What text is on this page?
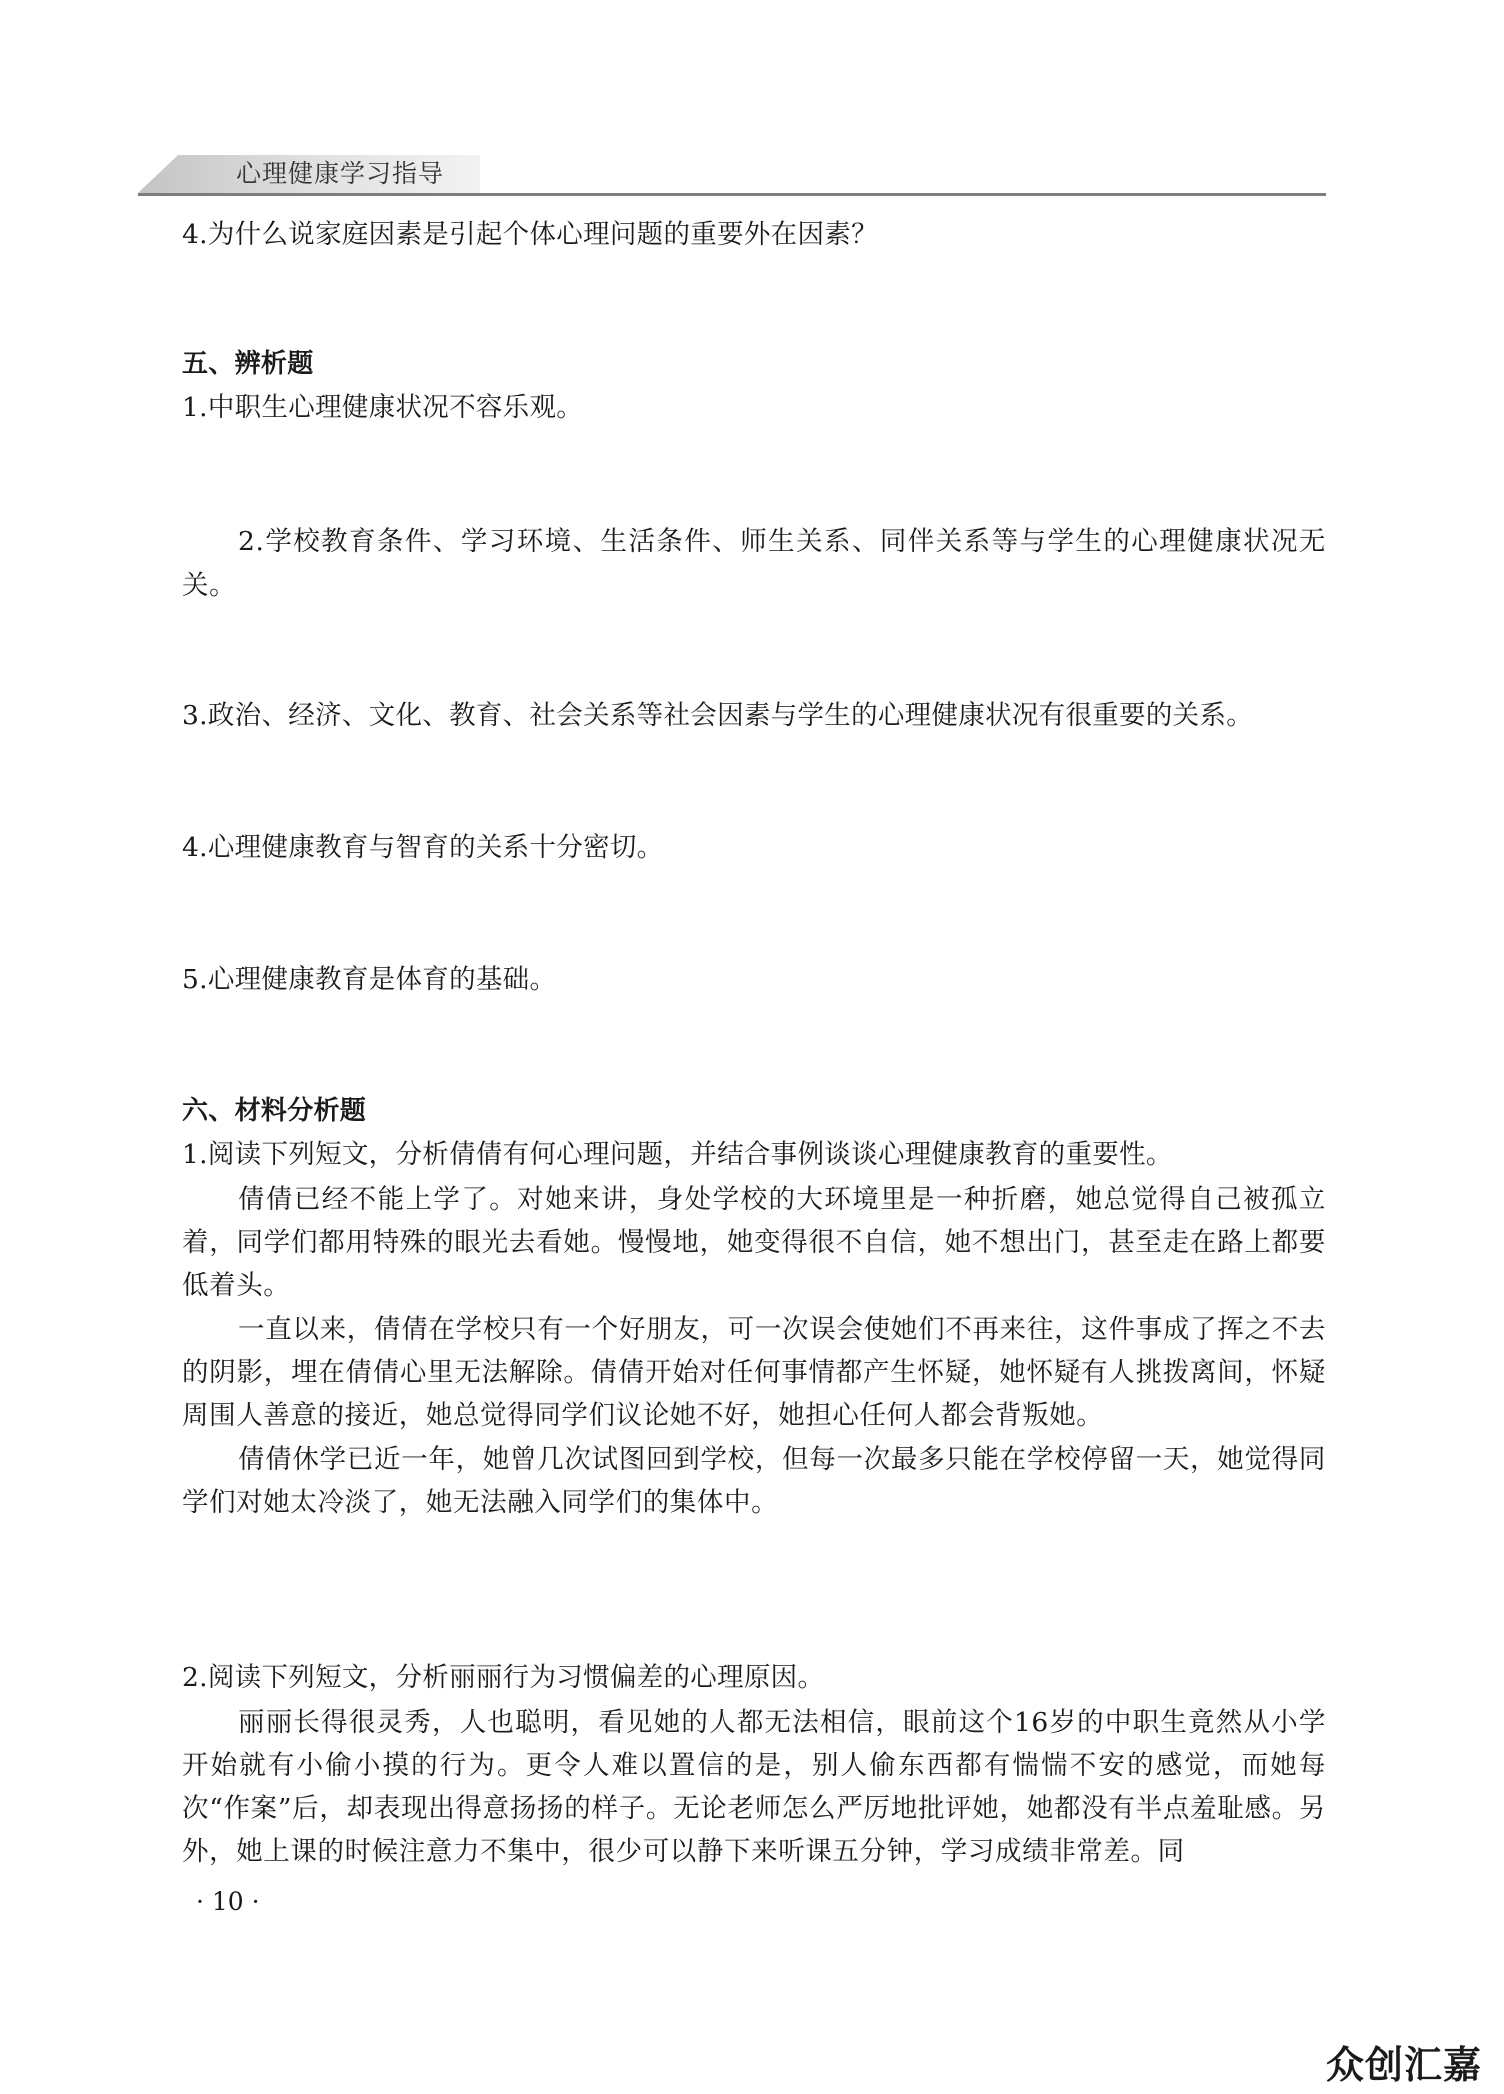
心理健康学习指导
4.为什么说家庭因素是引起个体心理问题的重要外在因素？
五、辨析题
1.中职生心理健康状况不容乐观。
2.学校教育条件、学习环境、生活条件、师生关系、同伴关系等与学生的心理健康状况无关。
3.政治、经济、文化、教育、社会关系等社会因素与学生的心理健康状况有很重要的关系。
4.心理健康教育与智育的关系十分密切。
5.心理健康教育是体育的基础。
六、材料分析题
1.阅读下列短文，分析倩倩有何心理问题，并结合事例谈谈心理健康教育的重要性。
倩倩已经不能上学了。对她来讲，身处学校的大环境里是一种折磨，她总觉得自己被孤立着，同学们都用特殊的眼光去看她。慢慢地，她变得很不自信，她不想出门，甚至走在路上都要低着头。
一直以来，倩倩在学校只有一个好朋友，可一次误会使她们不再来往，这件事成了挥之不去的阴影，埋在倩倩心里无法解除。倩倩开始对任何事情都产生怀疑，她怀疑有人挑拨离间，怀疑周围人善意的接近，她总觉得同学们议论她不好，她担心任何人都会背叛她。
倩倩休学已近一年，她曾几次试图回到学校，但每一次最多只能在学校停留一天，她觉得同学们对她太冷淡了，她无法融入同学们的集体中。
2.阅读下列短文，分析丽丽行为习惯偏差的心理原因。
丽丽长得很灵秀，人也聪明，看见她的人都无法相信，眼前这个16岁的中职生竟然从小学开始就有小偷小摸的行为。更令人难以置信的是，别人偷东西都有惴惴不安的感觉，而她每次“作案”后，却表现出得意扬扬的样子。无论老师怎么严厉地批评她，她都没有半点羞耻感。另外，她上课的时候注意力不集中，很少可以静下来听课五分钟，学习成绩非常差。同
· 10 ·
众创汇嘉
